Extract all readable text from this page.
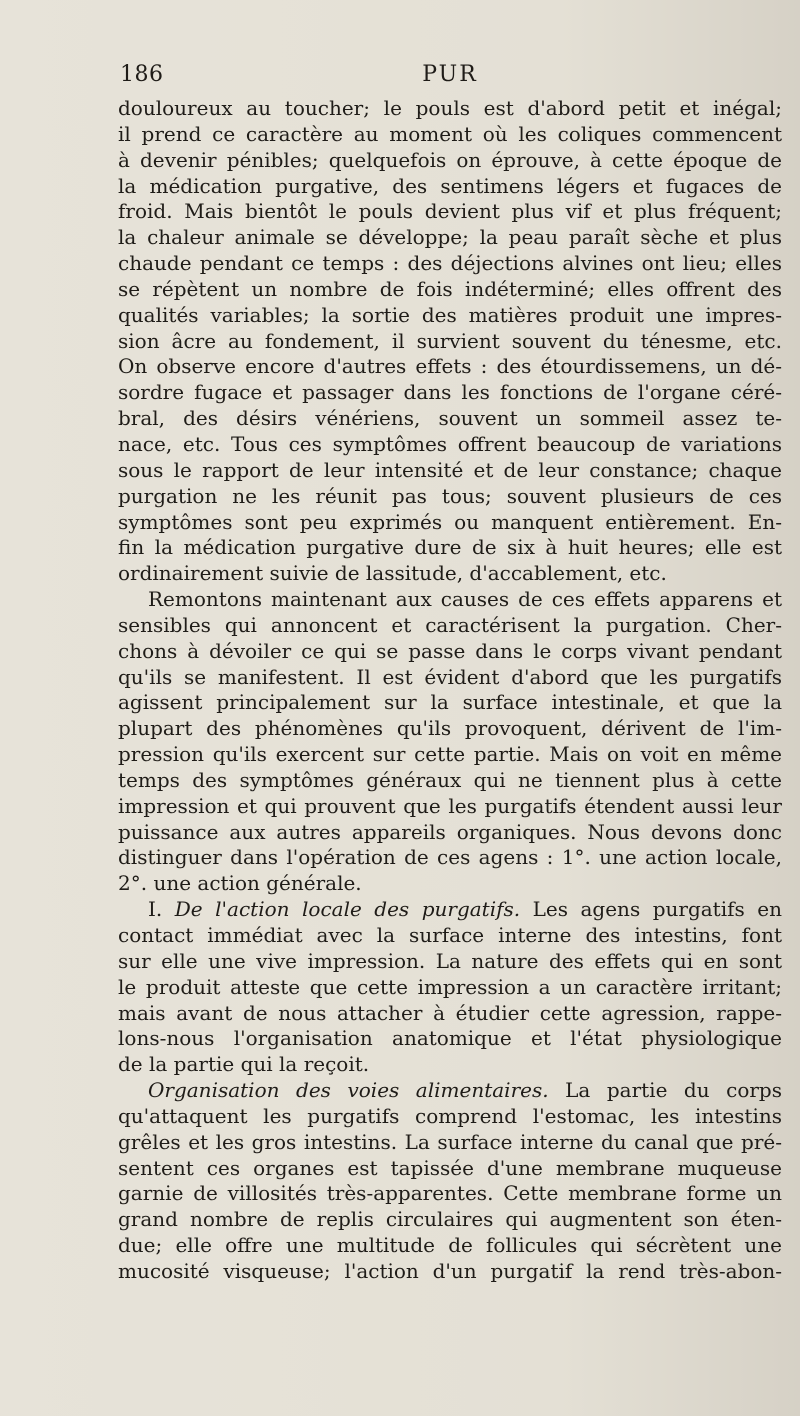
186	PUR
douloureux au toucher; le pouls est d'abord petit et inégal;
il prend ce caractère au moment où les coliques commencent
à devenir pénibles; quelquefois on éprouve, à cette époque de
la médication purgative, des sentimens légers et fugaces de
froid. Mais bientôt le pouls devient plus vif et plus fréquent;
la chaleur animale se développe; la peau paraît sèche et plus
chaude pendant ce temps : des déjections alvines ont lieu; elles
se répètent un nombre de fois indéterminé; elles offrent des
qualités variables; la sortie des matières produit une impres-
sion âcre au fondement, il survient souvent du ténesme, etc.
On observe encore d'autres effets : des étourdissemens, un dé-
sordre fugace et passager dans les fonctions de l'organe céré-
bral, des désirs vénériens, souvent un sommeil assez te-
nace, etc. Tous ces symptômes offrent beaucoup de variations
sous le rapport de leur intensité et de leur constance; chaque
purgation ne les réunit pas tous; souvent plusieurs de ces
symptômes sont peu exprimés ou manquent entièrement. En-
fin la médication purgative dure de six à huit heures; elle est
ordinairement suivie de lassitude, d'accablement, etc.
Remontons maintenant aux causes de ces effets apparens et
sensibles qui annoncent et caractérisent la purgation. Cher-
chons à dévoiler ce qui se passe dans le corps vivant pendant
qu'ils se manifestent. Il est évident d'abord que les purgatifs
agissent principalement sur la surface intestinale, et que la
plupart des phénomènes qu'ils provoquent, dérivent de l'im-
pression qu'ils exercent sur cette partie. Mais on voit en même
temps des symptômes généraux qui ne tiennent plus à cette
impression et qui prouvent que les purgatifs étendent aussi leur
puissance aux autres appareils organiques. Nous devons donc
distinguer dans l'opération de ces agens : 1°. une action locale,
2°. une action générale.
I. De l'action locale des purgatifs. Les agens purgatifs en
contact immédiat avec la surface interne des intestins, font
sur elle une vive impression. La nature des effets qui en sont
le produit atteste que cette impression a un caractère irritant;
mais avant de nous attacher à étudier cette agression, rappe-
lons-nous l'organisation anatomique et l'état physiologique
de la partie qui la reçoit.
Organisation des voies alimentaires. La partie du corps
qu'attaquent les purgatifs comprend l'estomac, les intestins
grêles et les gros intestins. La surface interne du canal que pré-
sentent ces organes est tapissée d'une membrane muqueuse
garnie de villosités très-apparentes. Cette membrane forme un
grand nombre de replis circulaires qui augmentent son éten-
due; elle offre une multitude de follicules qui sécrètent une
mucosité visqueuse; l'action d'un purgatif la rend très-abon-
